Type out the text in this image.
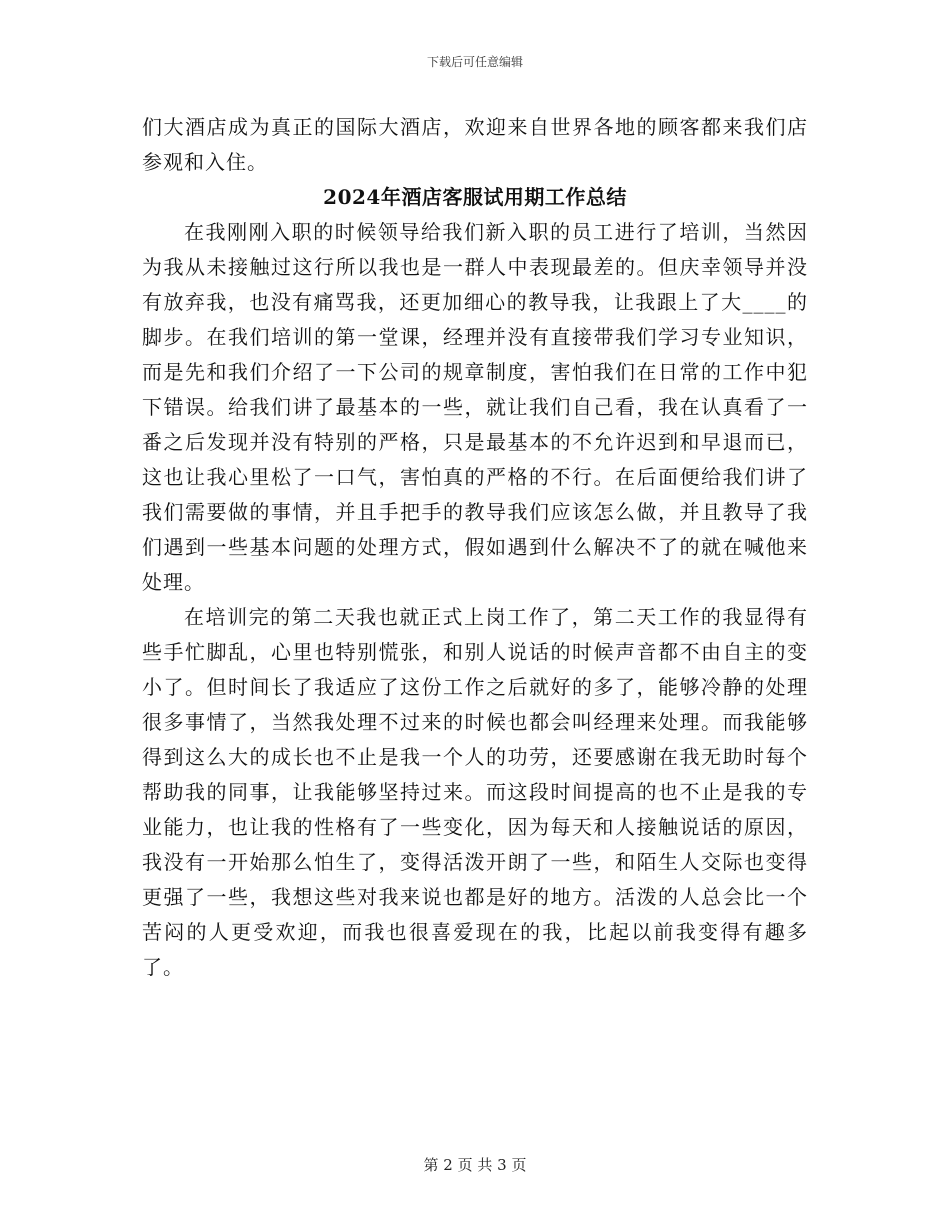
下载后可任意编辑

们大酒店成为真正的国际大酒店，欢迎来自世界各地的顾客都来我们店参观和入住。

2024年酒店客服试用期工作总结

在我刚刚入职的时候领导给我们新入职的员工进行了培训，当然因为我从未接触过这行所以我也是一群人中表现最差的。但庆幸领导并没有放弃我，也没有痛骂我，还更加细心的教导我，让我跟上了大____的脚步。在我们培训的第一堂课，经理并没有直接带我们学习专业知识，而是先和我们介绍了一下公司的规章制度，害怕我们在日常的工作中犯下错误。给我们讲了最基本的一些，就让我们自己看，我在认真看了一番之后发现并没有特别的严格，只是最基本的不允许迟到和早退而已，这也让我心里松了一口气，害怕真的严格的不行。在后面便给我们讲了我们需要做的事情，并且手把手的教导我们应该怎么做，并且教导了我们遇到一些基本问题的处理方式，假如遇到什么解决不了的就在喊他来处理。

在培训完的第二天我也就正式上岗工作了，第二天工作的我显得有些手忙脚乱，心里也特别慌张，和别人说话的时候声音都不由自主的变小了。但时间长了我适应了这份工作之后就好的多了，能够冷静的处理很多事情了，当然我处理不过来的时候也都会叫经理来处理。而我能够得到这么大的成长也不止是我一个人的功劳，还要感谢在我无助时每个帮助我的同事，让我能够坚持过来。而这段时间提高的也不止是我的专业能力，也让我的性格有了一些变化，因为每天和人接触说话的原因，我没有一开始那么怕生了，变得活泼开朗了一些，和陌生人交际也变得更强了一些，我想这些对我来说也都是好的地方。活泼的人总会比一个苦闷的人更受欢迎，而我也很喜爱现在的我，比起以前我变得有趣多了。

第 2 页 共 3 页
